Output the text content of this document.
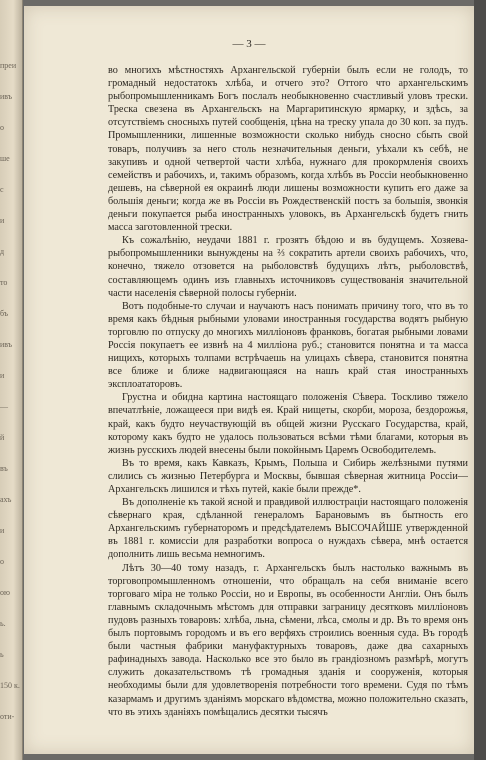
преи
ивъ
о
ше
с
и
д
то
бъ
ивъ
и
—
й
въ
ахъ
и
о
ою
ь.
ь
150 к.
оти-
— 3 —

во многихъ мѣстностяхъ Архангельской губерніи былъ если не голодъ, то громадный недостатокъ хлѣба, и отчего это? Оттого что архангельскимъ рыбопромышленникамъ Богъ послалъ необыкновенно счастливый уловъ трески. Треска свезена въ Архангельскъ на Маргаритинскую ярмарку, и здѣсь, за отсутствіемъ сносныхъ путей сообщенія, цѣна на треску упала до 30 коп. за пудъ. Промышленники, лишенные возможности сколько нибудь сносно сбыть свой товаръ, получивъ за него столь незначительныя деньги, уѣхали къ себѣ, не закупивъ и одной четвертой части хлѣба, нужнаго для прокормленія своихъ семействъ и рабочихъ, и, такимъ образомъ, когда хлѣбъ въ Россіи необыкновенно дешевъ, на сѣверной ея окраинѣ люди лишены возможности купить его даже за большія деньги; когда же въ Россіи въ Рождественскій постъ за большія, звонкія деньги покупается рыба иностранныхъ уловокъ, въ Архангельскѣ будетъ гнить масса заготовленной трески.

Къ сожалѣнію, неудачи 1881 г. грозятъ бѣдою и въ будущемъ. Хозяева-рыбопромышленники вынуждены на ⅔ сократить артели своихъ рабочихъ, что, конечно, тяжело отзовется на рыболовствѣ будущихъ лѣтъ, рыболовствѣ, составляющемъ одинъ изъ главныхъ источниковъ существованія значительной части населенія сѣверной полосы губерніи.

Вотъ подобные-то случаи и научаютъ насъ понимать причину того, что въ то время какъ бѣдныя рыбными уловами иностранныя государства водятъ рыбную торговлю по отпуску до многихъ милліоновъ франковъ, богатая рыбными ловами Россія покупаетъ ее извнѣ на 4 милліона руб.; становится понятна и та масса нищихъ, которыхъ толпами встрѣчаешь на улицахъ сѣвера, становится понятна все ближе и ближе надвигающаяся на нашъ край стая иностранныхъ эксплоататоровъ.

Грустна и обидна картина настоящаго положенія Сѣвера. Тоскливо тяжело впечатлѣніе, ложащееся при видѣ ея. Край нищеты, скорби, мороза, бездорожья, край, какъ будто неучаствующій въ общей жизни Русскаго Государства, край, которому какъ будто не удалось пользоваться всѣми тѣми благами, которыя въ жизнь русскихъ людей внесены были покойнымъ Царемъ Освободителемъ.

Въ то время, какъ Кавказъ, Крымъ, Польша и Сибирь желѣзными путями слились съ жизнью Петербурга и Москвы, бывшая сѣверная житница Россіи—Архангельскъ лишился и тѣхъ путей, какіе были прежде*.

Въ дополненіе къ такой ясной и правдивой иллюстраціи настоящаго положенія сѣвернаго края, сдѣланной генераломъ Барановымъ въ бытность его Архангельскимъ губернаторомъ и предсѣдателемъ ВЫСОЧАЙШЕ утвержденной въ 1881 г. комиссіи для разработки вопроса о нуждахъ сѣвера, мнѣ остается дополнить лишь весьма немногимъ.

Лѣтъ 30—40 тому назадъ, г. Архангельскъ былъ настолько важнымъ въ торговопромышленномъ отношеніи, что обращалъ на себя вниманіе всего торговаго міра не только Россіи, но и Европы, въ особенности Англіи. Онъ былъ главнымъ складочнымъ мѣстомъ для отправки заграницу десятковъ милліоновъ пудовъ разныхъ товаровъ: хлѣба, льна, сѣмени, лѣса, смолы и др. Въ то время онъ былъ портовымъ городомъ и въ его верфяхъ строились военныя суда. Въ городѣ были частныя фабрики мануфактурныхъ товаровъ, даже два сахарныхъ рафинадныхъ завода. Насколько все это было въ грандіозномъ размѣрѣ, могутъ служить доказательствомъ тѣ громадныя зданія и сооруженія, которыя необходимы были для удовлетворенія потребности того времени. Судя по тѣмъ казармамъ и другимъ зданіямъ морскаго вѣдомства, можно положительно сказать, что въ этихъ зданіяхъ помѣщались десятки тысячъ
